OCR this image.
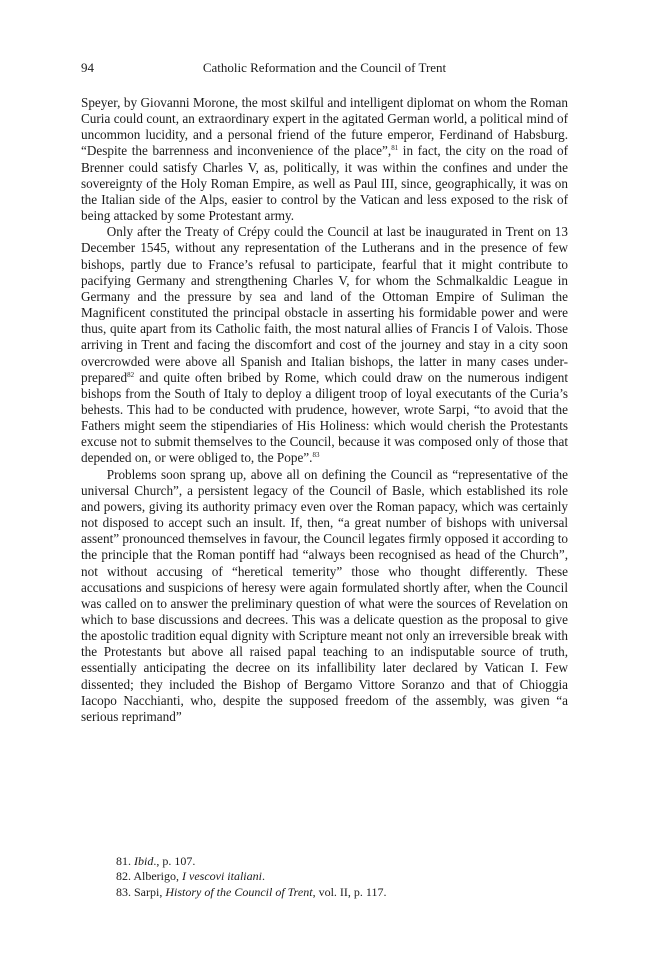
94	Catholic Reformation and the Council of Trent

Speyer, by Giovanni Morone, the most skilful and intelligent diplomat on whom the Roman Curia could count, an extraordinary expert in the agitated German world, a political mind of uncommon lucidity, and a personal friend of the future emperor, Ferdinand of Habsburg. “Despite the barrenness and inconvenience of the place”,$^{81}$ in fact, the city on the road of Brenner could satisfy Charles V, as, politically, it was within the confines and under the sovereignty of the Holy Roman Empire, as well as Paul III, since, geographically, it was on the Italian side of the Alps, easier to control by the Vatican and less exposed to the risk of being attacked by some Protestant army.

Only after the Treaty of Crépy could the Council at last be inaugurated in Trent on 13 December 1545, without any representation of the Lutherans and in the presence of few bishops, partly due to France’s refusal to participate, fearful that it might contribute to pacifying Germany and strengthening Charles V, for whom the Schmalkaldic League in Germany and the pressure by sea and land of the Ottoman Empire of Suliman the Magnificent constituted the principal obstacle in asserting his formidable power and were thus, quite apart from its Catholic faith, the most natural allies of Francis I of Valois. Those arriving in Trent and facing the discomfort and cost of the journey and stay in a city soon overcrowded were above all Spanish and Italian bishops, the latter in many cases under-prepared$^{82}$ and quite often bribed by Rome, which could draw on the numerous indigent bishops from the South of Italy to deploy a diligent troop of loyal executants of the Curia’s behests. This had to be conducted with prudence, however, wrote Sarpi, “to avoid that the Fathers might seem the stipendiaries of His Holiness: which would cherish the Protestants excuse not to submit themselves to the Council, because it was composed only of those that depended on, or were obliged to, the Pope”.$^{83}$

Problems soon sprang up, above all on defining the Council as “representative of the universal Church”, a persistent legacy of the Council of Basle, which established its role and powers, giving its authority primacy even over the Roman papacy, which was certainly not disposed to accept such an insult. If, then, “a great number of bishops with universal assent” pronounced themselves in favour, the Council legates firmly opposed it according to the principle that the Roman pontiff had “always been recognised as head of the Church”, not without accusing of “heretical temerity” those who thought differently. These accusations and suspicions of heresy were again formulated shortly after, when the Council was called on to answer the preliminary question of what were the sources of Revelation on which to base discussions and decrees. This was a delicate question as the proposal to give the apostolic tradition equal dignity with Scripture meant not only an irreversible break with the Protestants but above all raised papal teaching to an indisputable source of truth, essentially anticipating the decree on its infallibility later declared by Vatican I. Few dissented; they included the Bishop of Bergamo Vittore Soranzo and that of Chioggia Iacopo Nacchianti, who, despite the supposed freedom of the assembly, was given “a serious reprimand”

81. Ibid., p. 107.

82. Alberigo, I vescovi italiani.

83. Sarpi, History of the Council of Trent, vol. II, p. 117.
